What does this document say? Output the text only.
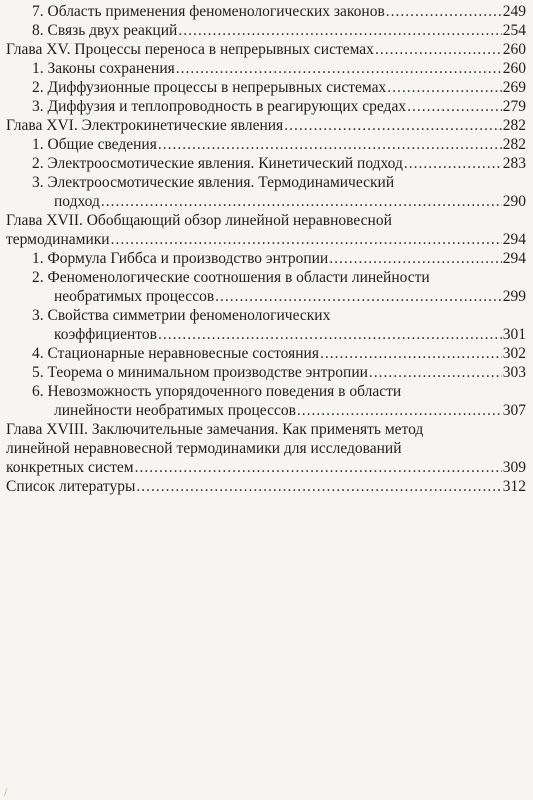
7. Область применения феноменологических законов .....	249
8. Связь двух реакций .....	254
Глава XV. Процессы переноса в непрерывных системах .....	260
1. Законы сохранения .....	260
2. Диффузионные процессы в непрерывных системах .....	269
3. Диффузия и теплопроводность в реагирующих средах .....	279
Глава XVI. Электрокинетические явления .....	282
1. Общие сведения .....	282
2. Электроосмотические явления. Кинетический подход .....	283
3. Электроосмотические явления. Термодинамический
подход .....	290
Глава XVII. Обобщающий обзор линейной неравновесной
термодинамики .....	294
1. Формула Гиббса и производство энтропии .....	294
2. Феноменологические соотношения в области линейности
необратимых процессов .....	299
3. Свойства симметрии феноменологических
коэффициентов .....	301
4. Стационарные неравновесные состояния .....	302
5. Теорема о минимальном производстве энтропии .....	303
6. Невозможность упорядоченного поведения в области
линейности необратимых процессов .....	307
Глава XVIII. Заключительные замечания. Как применять метод
линейной неравновесной термодинамики для исследований
конкретных систем .....	309
Список литературы .....	312
/
